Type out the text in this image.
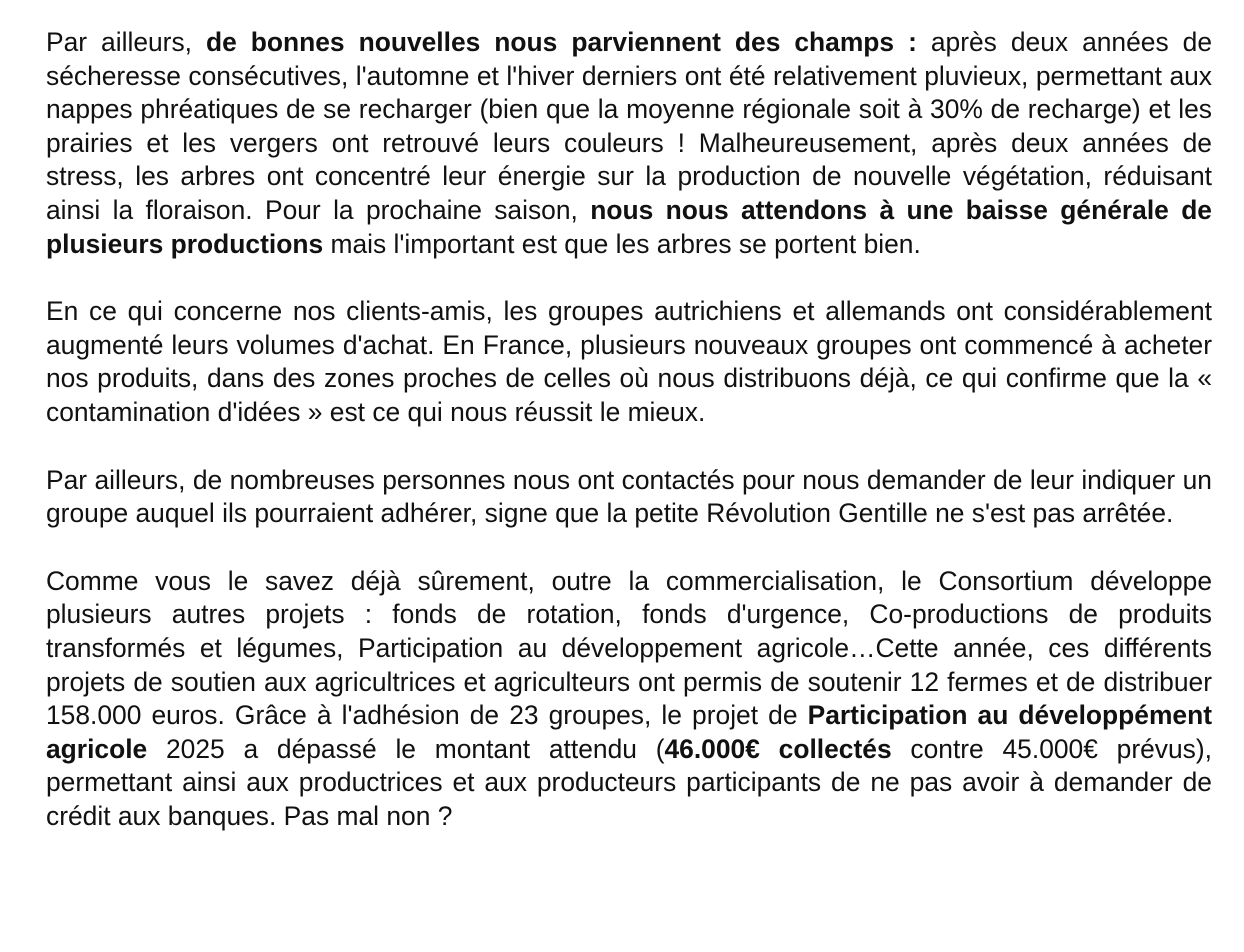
Par ailleurs, de bonnes nouvelles nous parviennent des champs : après deux années de sécheresse consécutives, l'automne et l'hiver derniers ont été relativement pluvieux, permettant aux nappes phréatiques de se recharger (bien que la moyenne régionale soit à 30% de recharge) et les prairies et les vergers ont retrouvé leurs couleurs ! Malheureusement, après deux années de stress, les arbres ont concentré leur énergie sur la production de nouvelle végétation, réduisant ainsi la floraison. Pour la prochaine saison, nous nous attendons à une baisse générale de plusieurs productions mais l'important est que les arbres se portent bien.

En ce qui concerne nos clients-amis, les groupes autrichiens et allemands ont considérablement augmenté leurs volumes d'achat. En France, plusieurs nouveaux groupes ont commencé à acheter nos produits, dans des zones proches de celles où nous distribuons déjà, ce qui confirme que la « contamination d'idées » est ce qui nous réussit le mieux.

Par ailleurs, de nombreuses personnes nous ont contactés pour nous demander de leur indiquer un groupe auquel ils pourraient adhérer, signe que la petite Révolution Gentille ne s'est pas arrêtée.

Comme vous le savez déjà sûrement, outre la commercialisation, le Consortium développe plusieurs autres projets : fonds de rotation, fonds d'urgence, Co-productions de produits transformés et légumes, Participation au développement agricole…Cette année, ces différents projets de soutien aux agricultrices et agriculteurs ont permis de soutenir 12 fermes et de distribuer 158.000 euros. Grâce à l'adhésion de 23 groupes, le projet de Participation au développément agricole 2025 a dépassé le montant attendu (46.000€ collectés contre 45.000€ prévus), permettant ainsi aux productrices et aux producteurs participants de ne pas avoir à demander de crédit aux banques. Pas mal non ?
